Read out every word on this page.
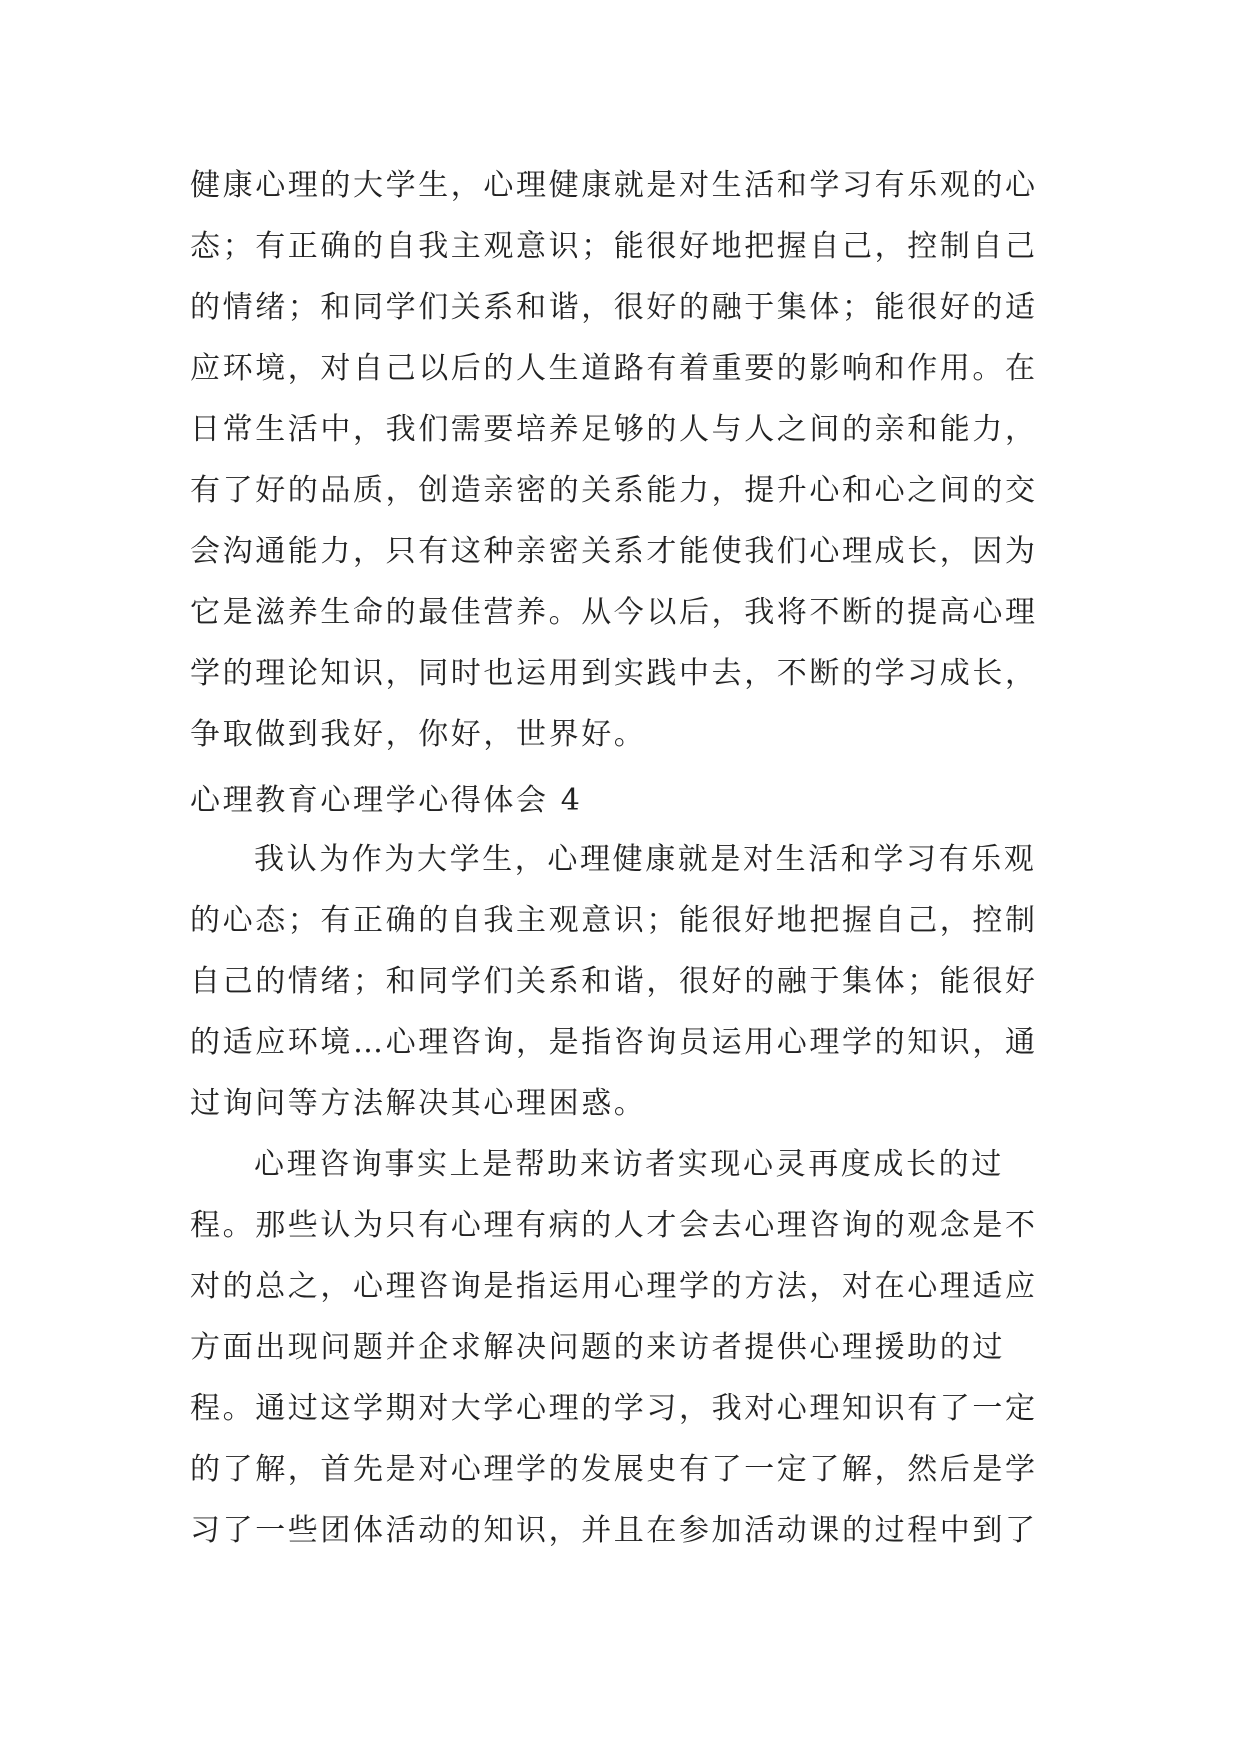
健康心理的大学生，心理健康就是对生活和学习有乐观的心
态；有正确的自我主观意识；能很好地把握自己，控制自己
的情绪；和同学们关系和谐，很好的融于集体；能很好的适
应环境，对自己以后的人生道路有着重要的影响和作用。在
日常生活中，我们需要培养足够的人与人之间的亲和能力，
有了好的品质，创造亲密的关系能力，提升心和心之间的交
会沟通能力，只有这种亲密关系才能使我们心理成长，因为
它是滋养生命的最佳营养。从今以后，我将不断的提高心理
学的理论知识，同时也运用到实践中去，不断的学习成长，
争取做到我好，你好，世界好。
心理教育心理学心得体会 4
我认为作为大学生，心理健康就是对生活和学习有乐观
的心态；有正确的自我主观意识；能很好地把握自己，控制
自己的情绪；和同学们关系和谐，很好的融于集体；能很好
的适应环境…心理咨询，是指咨询员运用心理学的知识，通
过询问等方法解决其心理困惑。
心理咨询事实上是帮助来访者实现心灵再度成长的过
程。那些认为只有心理有病的人才会去心理咨询的观念是不
对的总之，心理咨询是指运用心理学的方法，对在心理适应
方面出现问题并企求解决问题的来访者提供心理援助的过
程。通过这学期对大学心理的学习，我对心理知识有了一定
的了解，首先是对心理学的发展史有了一定了解，然后是学
习了一些团体活动的知识，并且在参加活动课的过程中到了
